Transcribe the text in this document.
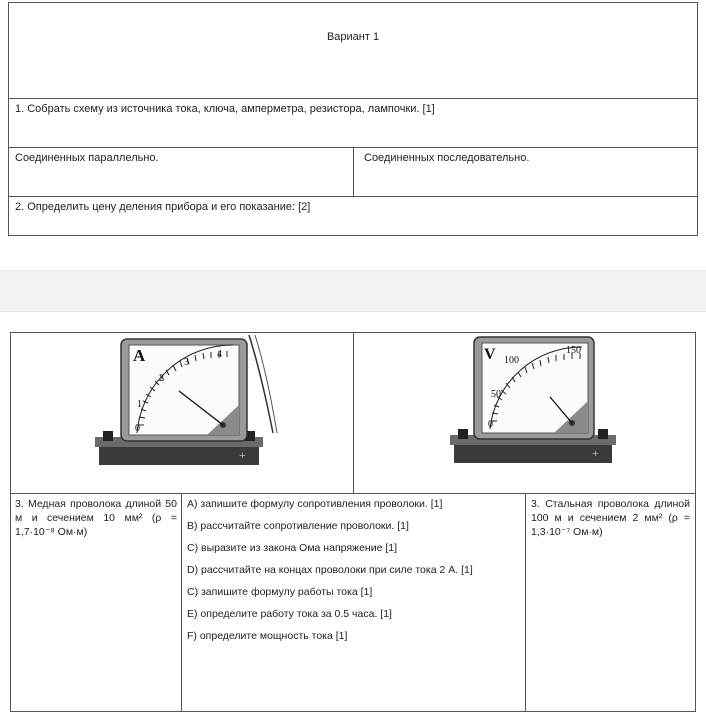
Вариант 1
1. Собрать схему из источника тока, ключа, амперметра, резистора, лампочки. [1]
Соединенных параллельно.	Соединенных последовательно.
2. Определить цену деления прибора и его показание: [2]
+
A
0
1
2
3
4
+
V
0
50
100
150
3. Медная проволока длиной 50 м и сечением 10 мм² (ρ = 1,7·10⁻⁸ Ом·м)
A) запишите формулу сопротивления проволоки. [1]
B) рассчитайте сопротивление проволоки. [1]
C) выразите из закона Ома напряжение [1]
D) рассчитайте на концах проволоки при силе тока 2 А. [1]
C) запишите формулу работы тока [1]
E) определите работу тока за 0.5 часа. [1]
F) определите мощность тока [1]
3. Стальная проволока длиной 100 м и сечением 2 мм² (ρ = 1,3·10⁻⁷ Ом·м)
